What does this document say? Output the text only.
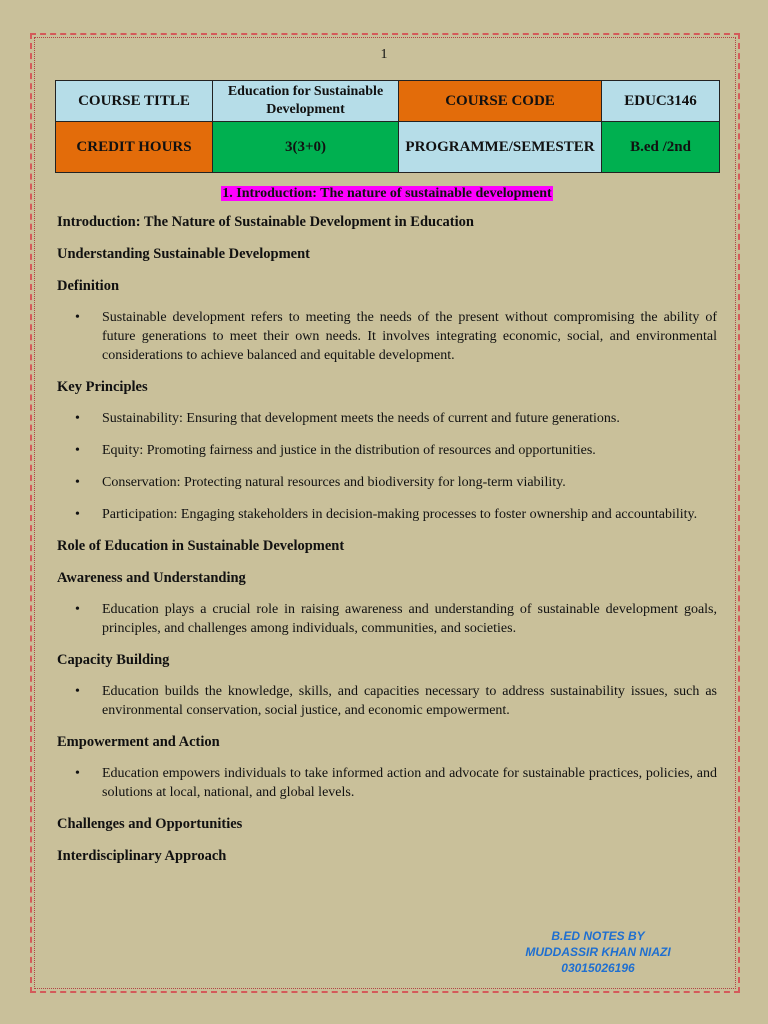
1
COURSE TITLE	Education for Sustainable Development	COURSE CODE	EDUC3146
CREDIT HOURS	3(3+0)	PROGRAMME/SEMESTER	B.ed /2nd
1. Introduction: The nature of sustainable development

Introduction: The Nature of Sustainable Development in Education

Understanding Sustainable Development

Definition

• Sustainable development refers to meeting the needs of the present without compromising the ability of future generations to meet their own needs. It involves integrating economic, social, and environmental considerations to achieve balanced and equitable development.

Key Principles

• Sustainability: Ensuring that development meets the needs of current and future generations.
• Equity: Promoting fairness and justice in the distribution of resources and opportunities.
• Conservation: Protecting natural resources and biodiversity for long-term viability.
• Participation: Engaging stakeholders in decision-making processes to foster ownership and accountability.

Role of Education in Sustainable Development

Awareness and Understanding

• Education plays a crucial role in raising awareness and understanding of sustainable development goals, principles, and challenges among individuals, communities, and societies.

Capacity Building

• Education builds the knowledge, skills, and capacities necessary to address sustainability issues, such as environmental conservation, social justice, and economic empowerment.

Empowerment and Action

• Education empowers individuals to take informed action and advocate for sustainable practices, policies, and solutions at local, national, and global levels.

Challenges and Opportunities

Interdisciplinary Approach

B.ED NOTES BY
MUDDASSIR KHAN NIAZI
03015026196
